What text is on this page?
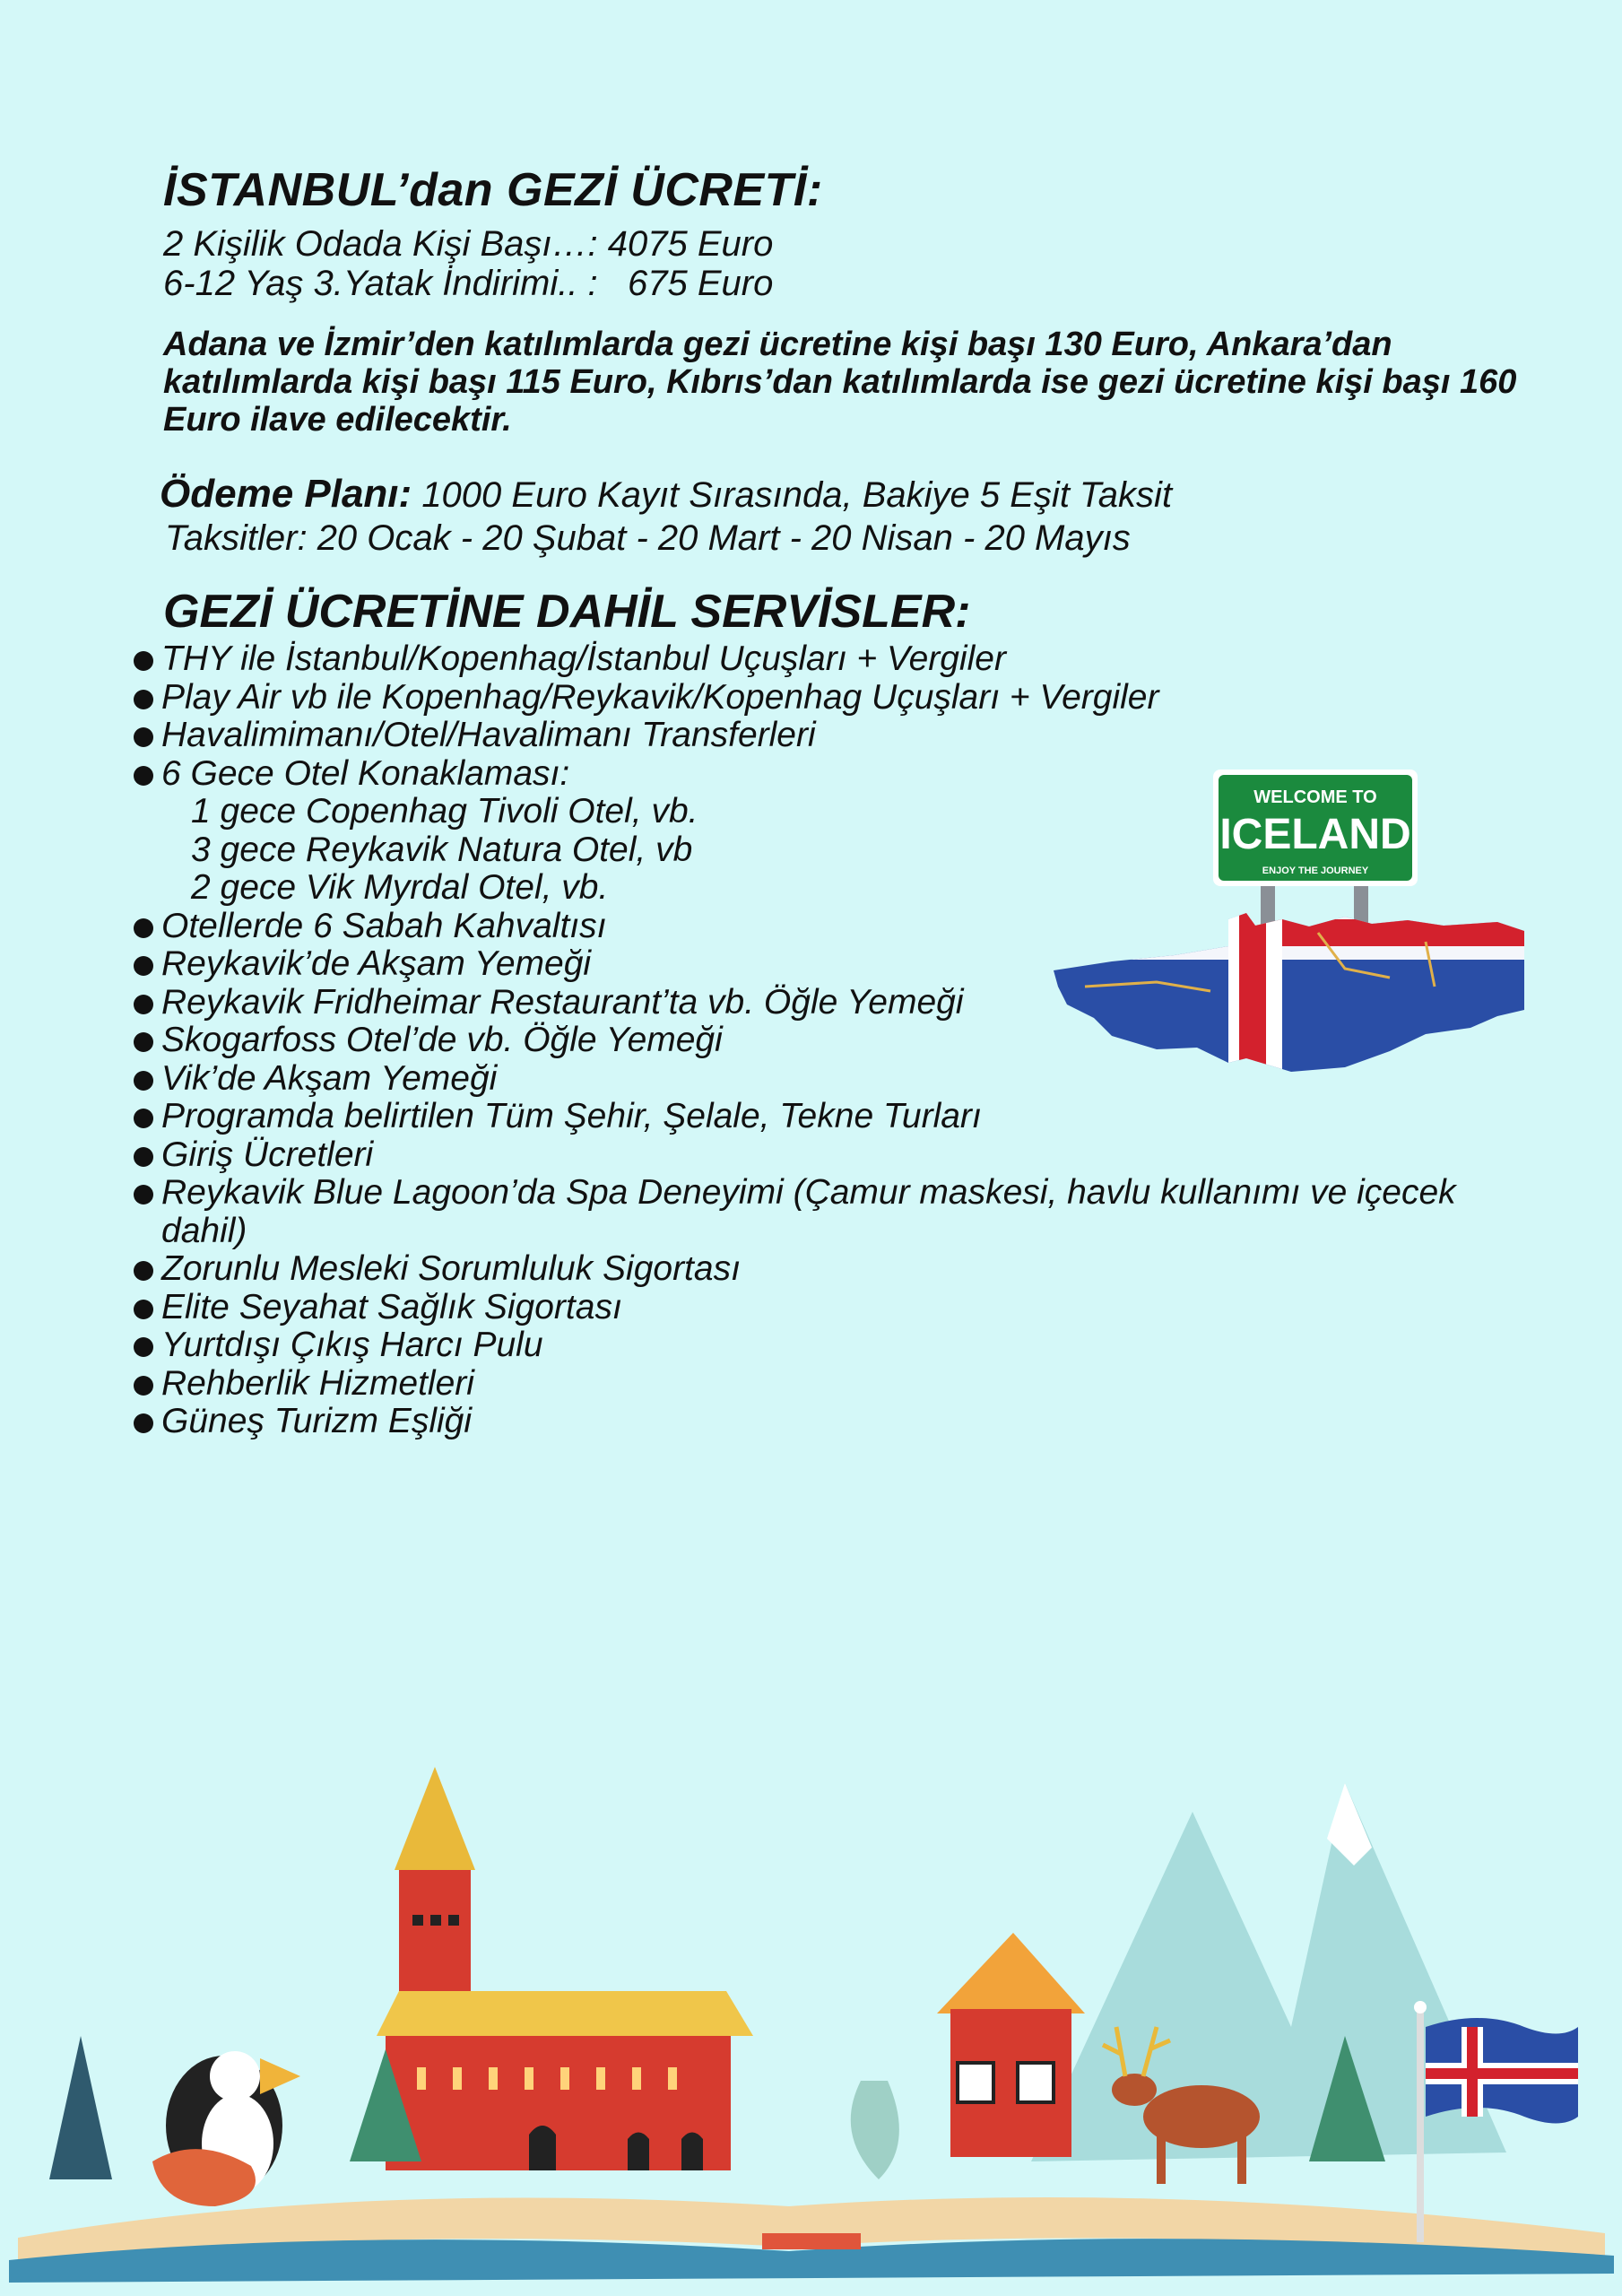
İSTANBUL’dan GEZİ ÜCRETİ:
2 Kişilik Odada Kişi Başı…: 4075 Euro
6-12 Yaş 3.Yatak İndirimi.. :   675 Euro
Adana ve İzmir’den katılımlarda gezi ücretine kişi başı 130 Euro, Ankara’dan katılımlarda kişi başı 115 Euro, Kıbrıs’dan katılımlarda ise gezi ücretine kişi başı 160 Euro ilave edilecektir.
Ödeme Planı: 1000 Euro Kayıt Sırasında, Bakiye 5 Eşit Taksit
Taksitler: 20 Ocak - 20 Şubat - 20 Mart - 20 Nisan - 20 Mayıs
GEZİ ÜCRETİNE DAHİL SERVİSLER:
THY ile İstanbul/Kopenhag/İstanbul Uçuşları + Vergiler
Play Air vb ile Kopenhag/Reykavik/Kopenhag Uçuşları + Vergiler
Havalimimanı/Otel/Havalimanı Transferleri
6 Gece Otel Konaklaması:
1 gece Copenhag Tivoli Otel, vb.
3 gece Reykavik Natura Otel, vb
2 gece Vik Myrdal Otel, vb.
Otellerde 6 Sabah Kahvaltısı
Reykavik’de Akşam Yemeği
Reykavik Fridheimar Restaurant’ta vb. Öğle Yemeği
Skogarfoss Otel’de vb. Öğle Yemeği
Vik’de Akşam Yemeği
Programda belirtilen Tüm Şehir, Şelale, Tekne Turları
Giriş Ücretleri
Reykavik Blue Lagoon’da Spa Deneyimi (Çamur maskesi, havlu kullanımı ve içecek dahil)
Zorunlu Mesleki Sorumluluk Sigortası
Elite Seyahat Sağlık Sigortası
Yurtdışı Çıkış Harcı Pulu
Rehberlik Hizmetleri
Güneş Turizm Eşliği
WELCOME TO
ICELAND
ENJOY THE JOURNEY
